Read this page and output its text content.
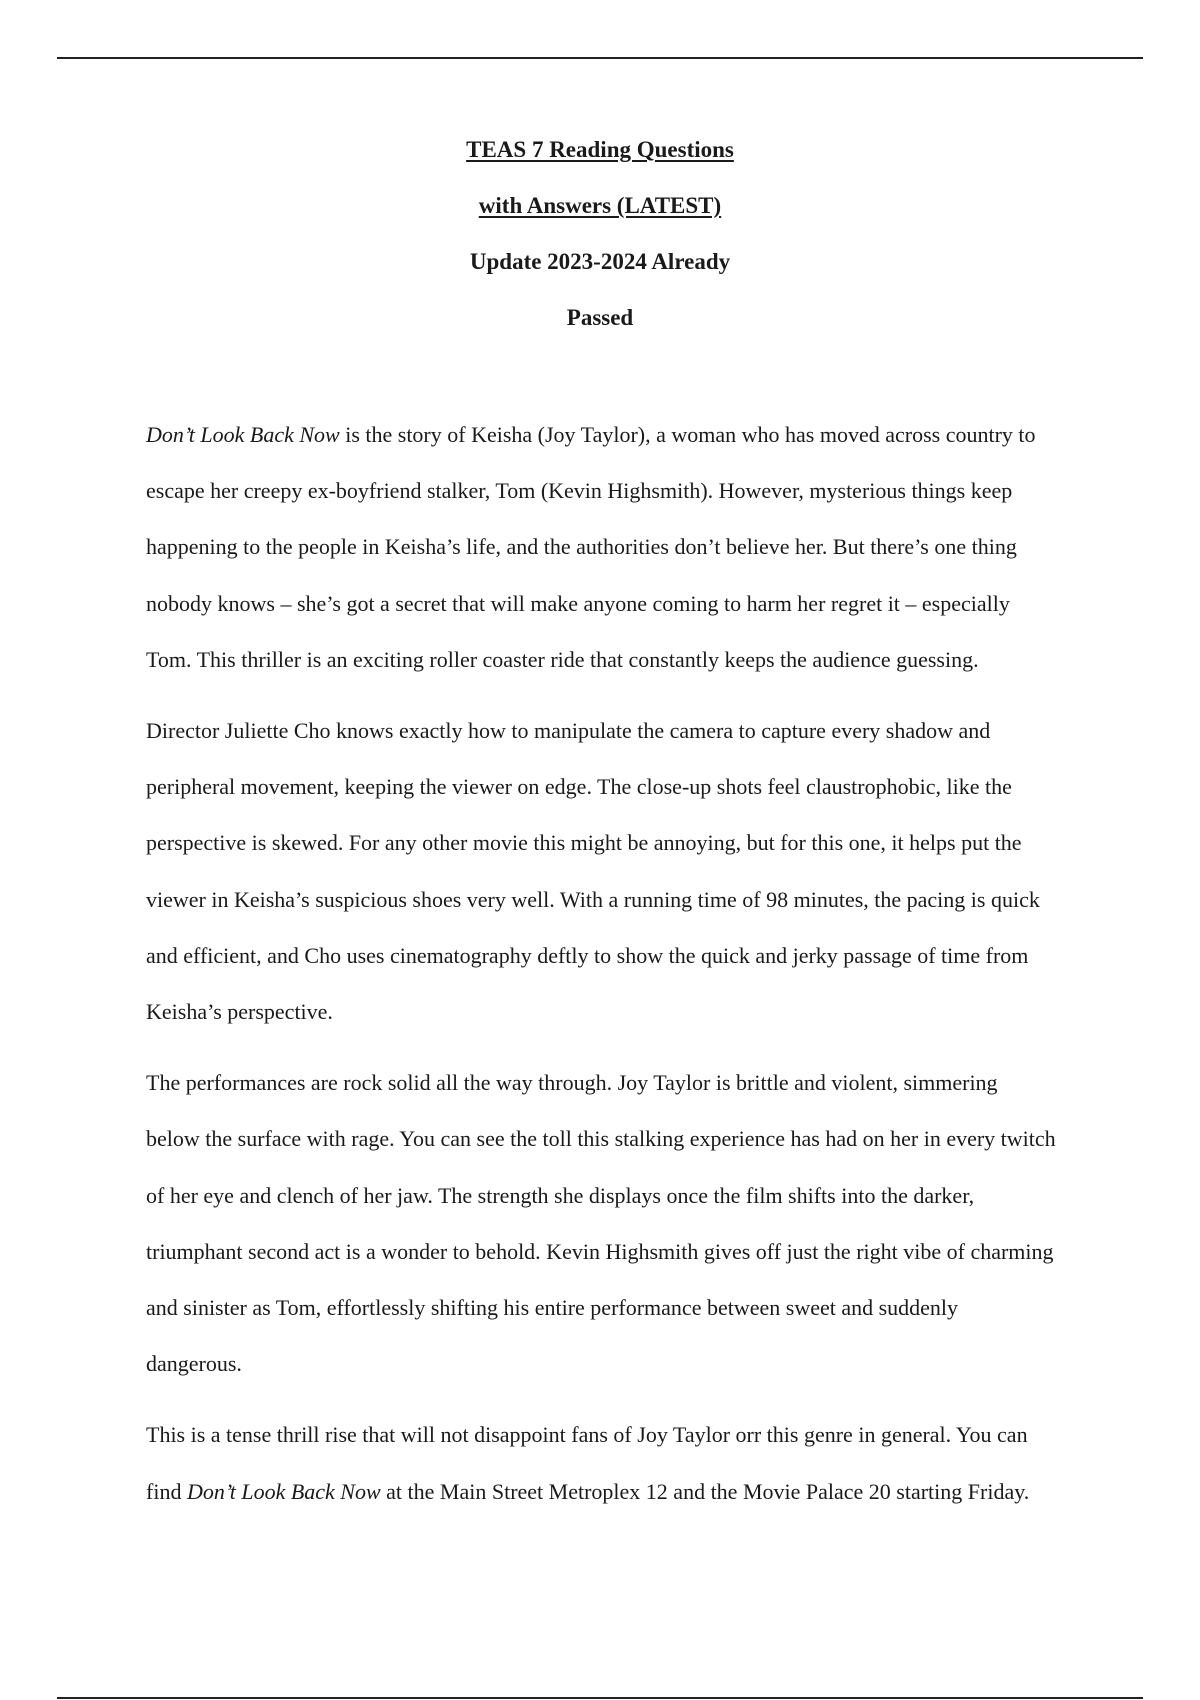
TEAS 7 Reading Questions
with Answers (LATEST)
Update 2023-2024 Already
Passed

Don’t Look Back Now is the story of Keisha (Joy Taylor), a woman who has moved across country to escape her creepy ex-boyfriend stalker, Tom (Kevin Highsmith). However, mysterious things keep happening to the people in Keisha’s life, and the authorities don’t believe her. But there’s one thing nobody knows – she’s got a secret that will make anyone coming to harm her regret it – especially Tom. This thriller is an exciting roller coaster ride that constantly keeps the audience guessing.

Director Juliette Cho knows exactly how to manipulate the camera to capture every shadow and peripheral movement, keeping the viewer on edge. The close-up shots feel claustrophobic, like the perspective is skewed. For any other movie this might be annoying, but for this one, it helps put the viewer in Keisha’s suspicious shoes very well. With a running time of 98 minutes, the pacing is quick and efficient, and Cho uses cinematography deftly to show the quick and jerky passage of time from Keisha’s perspective.

The performances are rock solid all the way through. Joy Taylor is brittle and violent, simmering below the surface with rage. You can see the toll this stalking experience has had on her in every twitch of her eye and clench of her jaw. The strength she displays once the film shifts into the darker, triumphant second act is a wonder to behold. Kevin Highsmith gives off just the right vibe of charming and sinister as Tom, effortlessly shifting his entire performance between sweet and suddenly dangerous.

This is a tense thrill rise that will not disappoint fans of Joy Taylor orr this genre in general. You can find Don’t Look Back Now at the Main Street Metroplex 12 and the Movie Palace 20 starting Friday.
